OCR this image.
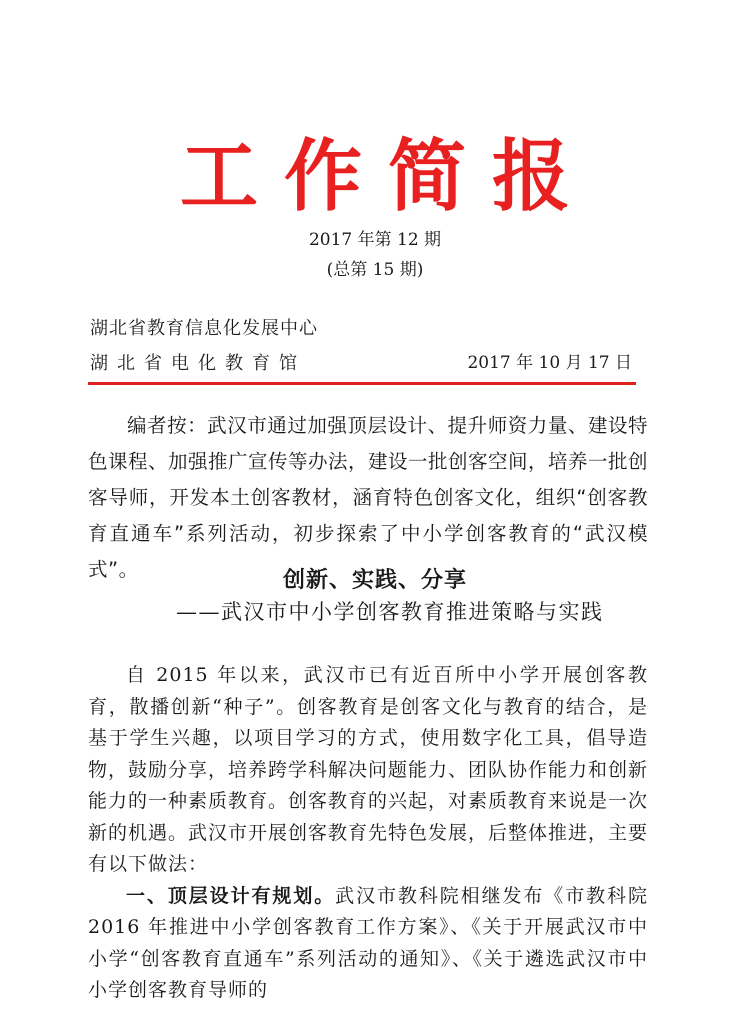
工作简报
2017 年第 12 期
(总第 15 期)
湖北省教育信息化发展中心
湖北省电化教育馆	2017 年 10 月 17 日

编者按：武汉市通过加强顶层设计、提升师资力量、建设特色课程、加强推广宣传等办法，建设一批创客空间，培养一批创客导师，开发本土创客教材，涵育特色创客文化，组织“创客教育直通车”系列活动，初步探索了中小学创客教育的“武汉模式”。	创新、实践、分享
——武汉市中小学创客教育推进策略与实践

自 2015 年以来，武汉市已有近百所中小学开展创客教育，散播创新“种子”。创客教育是创客文化与教育的结合，是基于学生兴趣，以项目学习的方式，使用数字化工具，倡导造物，鼓励分享，培养跨学科解决问题能力、团队协作能力和创新能力的一种素质教育。创客教育的兴起，对素质教育来说是一次新的机遇。武汉市开展创客教育先特色发展，后整体推进，主要有以下做法：

一、顶层设计有规划。武汉市教科院相继发布《市教科院 2016 年推进中小学创客教育工作方案》、《关于开展武汉市中小学“创客教育直通车”系列活动的通知》、《关于遴选武汉市中小学创客教育导师的
